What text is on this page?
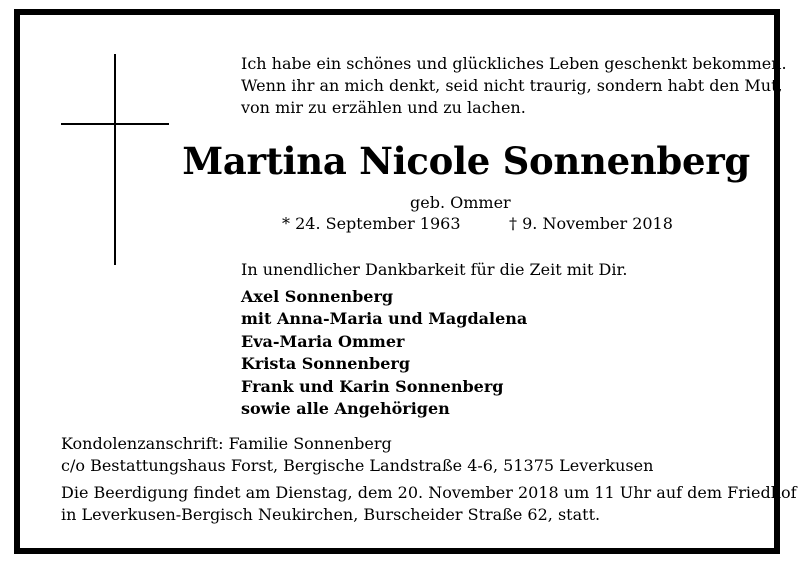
Ich habe ein schönes und glückliches Leben geschenkt bekommen.
Wenn ihr an mich denkt, seid nicht traurig, sondern habt den Mut,
von mir zu erzählen und zu lachen.
Martina Nicole Sonnenberg
geb. Ommer
* 24. September 1963	† 9. November 2018
In unendlicher Dankbarkeit für die Zeit mit Dir.
Axel Sonnenberg
mit Anna-Maria und Magdalena
Eva-Maria Ommer
Krista Sonnenberg
Frank und Karin Sonnenberg
sowie alle Angehörigen
Kondolenzanschrift: Familie Sonnenberg
c/o Bestattungshaus Forst, Bergische Landstraße 4-6, 51375 Leverkusen
Die Beerdigung findet am Dienstag, dem 20. November 2018 um 11 Uhr auf dem Friedhof
in Leverkusen-Bergisch Neukirchen, Burscheider Straße 62, statt.
